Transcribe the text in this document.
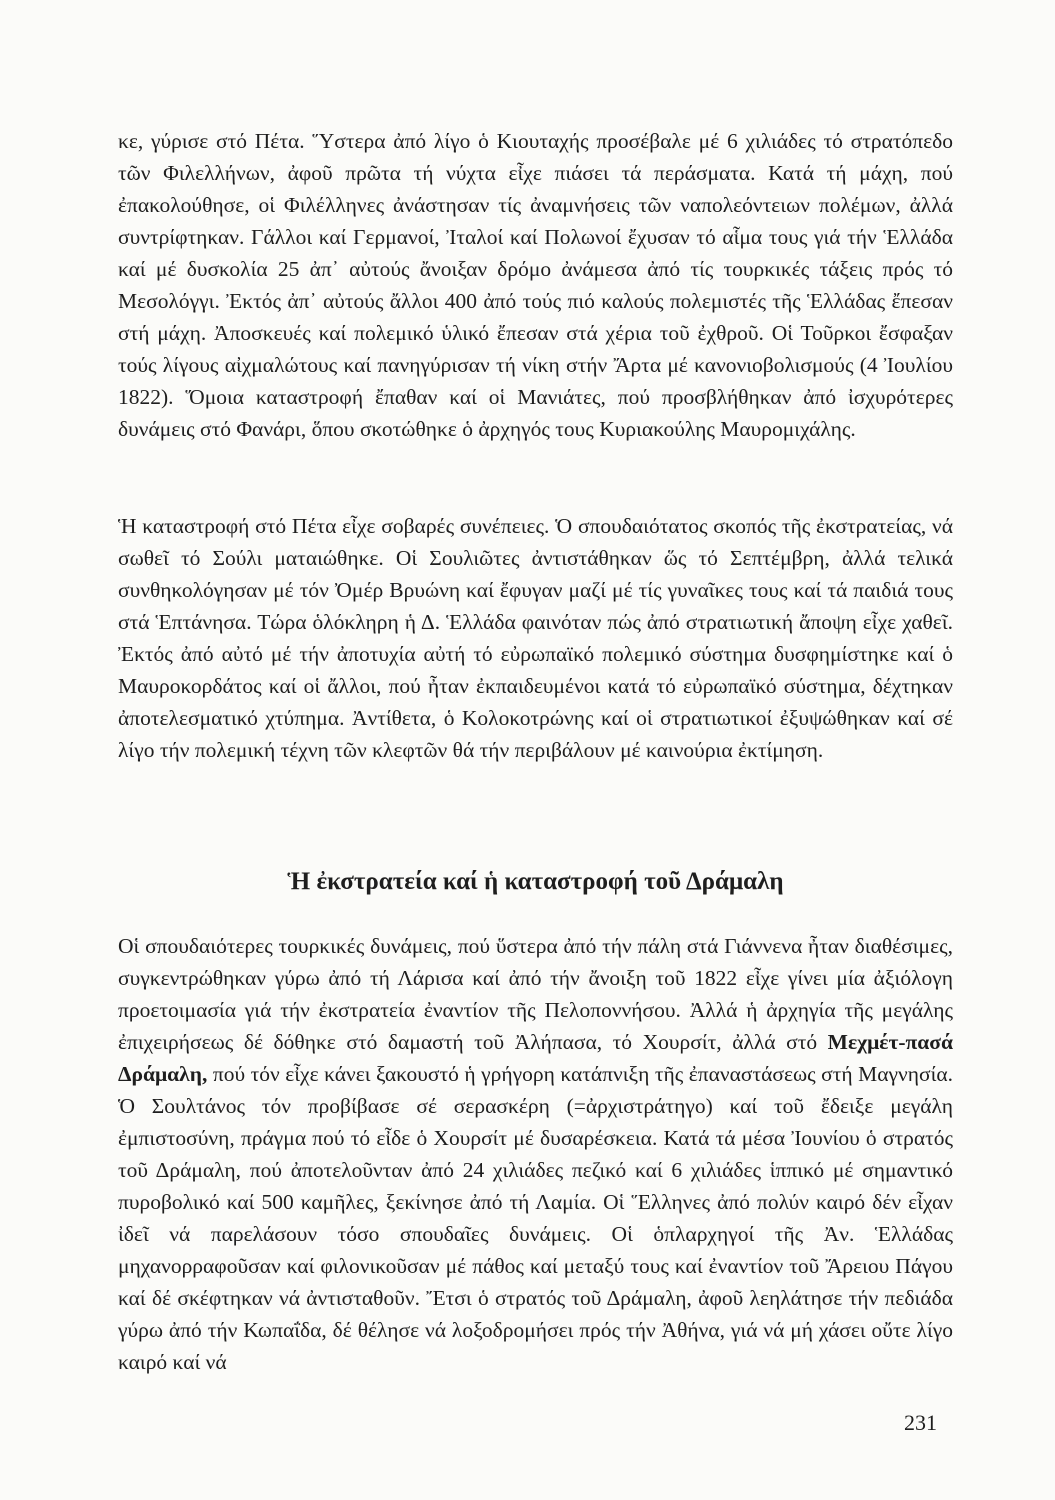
κε, γύρισε στό Πέτα. Ὕστερα ἀπό λίγο ὁ Κιουταχής προσέβαλε μέ 6 χιλιάδες τό στρατόπεδο τῶν Φιλελλήνων, ἀφοῦ πρῶτα τή νύχτα εἶχε πιάσει τά περάσματα. Κατά τή μάχη, πού ἐπακολούθησε, οἱ Φιλέλληνες ἀνάστησαν τίς ἀναμνήσεις τῶν ναπολεόντειων πολέμων, ἀλλά συντρίφτηκαν. Γάλλοι καί Γερμανοί, Ἰταλοί καί Πολωνοί ἔχυσαν τό αἷμα τους γιά τήν Ἑλλάδα καί μέ δυσκολία 25 ἀπ᾿ αὐτούς ἄνοιξαν δρόμο ἀνάμεσα ἀπό τίς τουρκικές τάξεις πρός τό Μεσολόγγι. Ἐκτός ἀπ᾿ αὐτούς ἄλλοι 400 ἀπό τούς πιό καλούς πολεμιστές τῆς Ἑλλάδας ἔπεσαν στή μάχη. Ἀποσκευές καί πολεμικό ὑλικό ἔπεσαν στά χέρια τοῦ ἐχθροῦ. Οἱ Τοῦρκοι ἔσφαξαν τούς λίγους αἰχμαλώτους καί πανηγύρισαν τή νίκη στήν Ἄρτα μέ κανονιοβολισμούς (4 Ἰουλίου 1822). Ὅμοια καταστροφή ἔπαθαν καί οἱ Μανιάτες, πού προσβλήθηκαν ἀπό ἰσχυρότερες δυνάμεις στό Φανάρι, ὅπου σκοτώθηκε ὁ ἀρχηγός τους Κυριακούλης Μαυρομιχάλης.

Ἡ καταστροφή στό Πέτα εἶχε σοβαρές συνέπειες. Ὁ σπουδαιότατος σκοπός τῆς ἐκστρατείας, νά σωθεῖ τό Σούλι ματαιώθηκε. Οἱ Σουλιῶτες ἀντιστάθηκαν ὥς τό Σεπτέμβρη, ἀλλά τελικά συνθηκολόγησαν μέ τόν Ὀμέρ Βρυώνη καί ἔφυγαν μαζί μέ τίς γυναῖκες τους καί τά παιδιά τους στά Ἑπτάνησα. Τώρα ὁλόκληρη ἡ Δ. Ἑλλάδα φαινόταν πώς ἀπό στρατιωτική ἄποψη εἶχε χαθεῖ. Ἐκτός ἀπό αὐτό μέ τήν ἀποτυχία αὐτή τό εὐρωπαϊκό πολεμικό σύστημα δυσφημίστηκε καί ὁ Μαυροκορδάτος καί οἱ ἄλλοι, πού ἦταν ἐκπαιδευμένοι κατά τό εὐρωπαϊκό σύστημα, δέχτηκαν ἀποτελεσματικό χτύπημα. Ἀντίθετα, ὁ Κολοκοτρώνης καί οἱ στρατιωτικοί ἐξυψώθηκαν καί σέ λίγο τήν πολεμική τέχνη τῶν κλεφτῶν θά τήν περιβάλουν μέ καινούρια ἐκτίμηση.

Ἡ ἐκστρατεία καί ἡ καταστροφή τοῦ Δράμαλη

Οἱ σπουδαιότερες τουρκικές δυνάμεις, πού ὕστερα ἀπό τήν πάλη στά Γιάννενα ἦταν διαθέσιμες, συγκεντρώθηκαν γύρω ἀπό τή Λάρισα καί ἀπό τήν ἄνοιξη τοῦ 1822 εἶχε γίνει μία ἀξιόλογη προετοιμασία γιά τήν ἐκστρατεία ἐναντίον τῆς Πελοποννήσου. Ἀλλά ἡ ἀρχηγία τῆς μεγάλης ἐπιχειρήσεως δέ δόθηκε στό δαμαστή τοῦ Ἀλήπασα, τό Χουρσίτ, ἀλλά στό Μεχμέτ-πασά Δράμαλη, πού τόν εἶχε κάνει ξακουστό ἡ γρήγορη κατάπνιξη τῆς ἐπαναστάσεως στή Μαγνησία. Ὁ Σουλτάνος τόν προβίβασε σέ σερασκέρη (=ἀρχιστράτηγο) καί τοῦ ἔδειξε μεγάλη ἐμπιστοσύνη, πράγμα πού τό εἶδε ὁ Χουρσίτ μέ δυσαρέσκεια. Κατά τά μέσα Ἰουνίου ὁ στρατός τοῦ Δράμαλη, πού ἀποτελοῦνταν ἀπό 24 χιλιάδες πεζικό καί 6 χιλιάδες ἱππικό μέ σημαντικό πυροβολικό καί 500 καμῆλες, ξεκίνησε ἀπό τή Λαμία. Οἱ Ἕλληνες ἀπό πολύν καιρό δέν εἶχαν ἰδεῖ νά παρελάσουν τόσο σπουδαῖες δυνάμεις. Οἱ ὁπλαρχηγοί τῆς Ἀν. Ἑλλάδας μηχανορραφοῦσαν καί φιλονικοῦσαν μέ πάθος καί μεταξύ τους καί ἐναντίον τοῦ Ἄρειου Πάγου καί δέ σκέφτηκαν νά ἀντισταθοῦν. Ἔτσι ὁ στρατός τοῦ Δράμαλη, ἀφοῦ λεηλάτησε τήν πεδιάδα γύρω ἀπό τήν Κωπαΐδα, δέ θέλησε νά λοξοδρομήσει πρός τήν Ἀθήνα, γιά νά μή χάσει οὔτε λίγο καιρό καί νά

231
